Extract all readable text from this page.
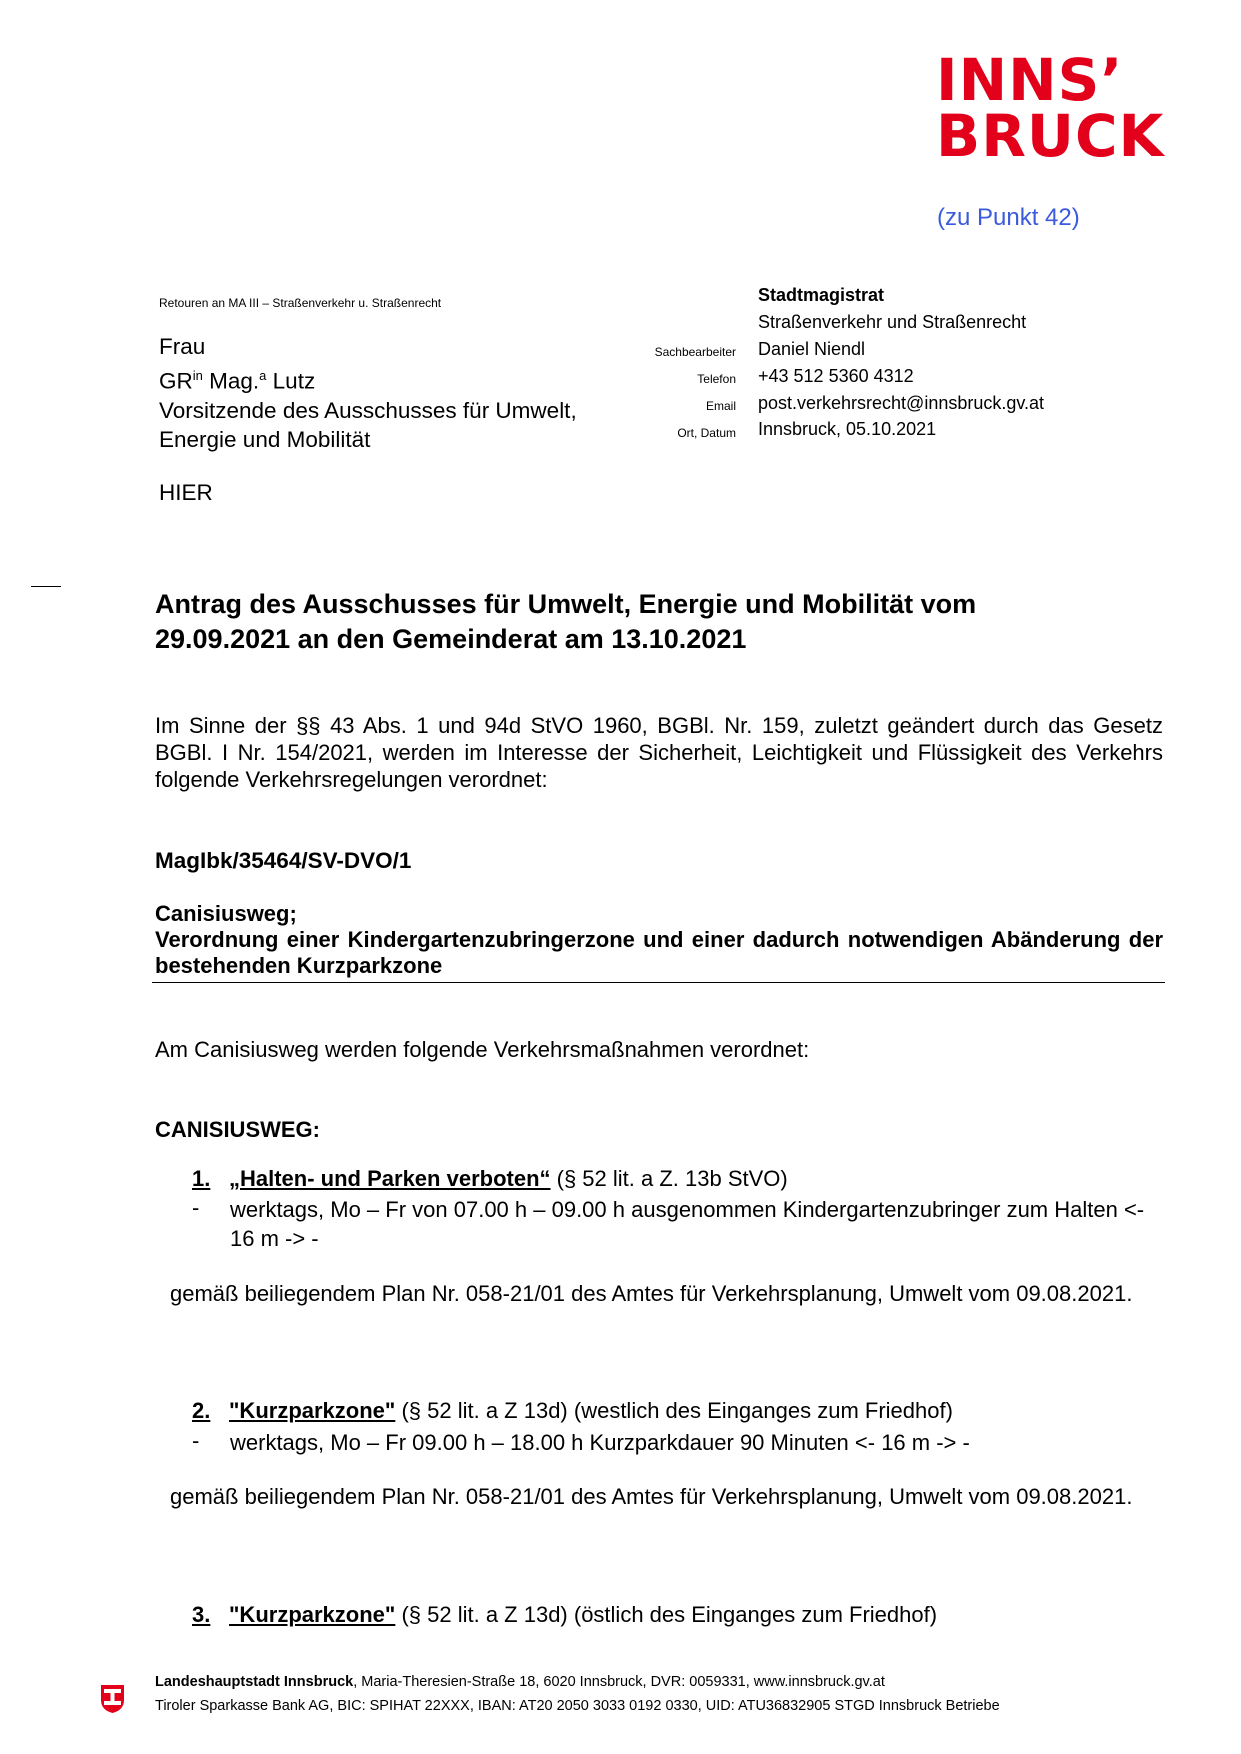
INNS’
BRUCK
(zu Punkt 42)
Retouren an MA III – Straßenverkehr u. Straßenrecht
Frau
$GR^{in}$ Mag.$^a$ Lutz
Vorsitzende des Ausschusses für Umwelt,
Energie und Mobilität
HIER
Stadtmagistrat
Straßenverkehr und Straßenrecht
Sachbearbeiter Daniel Niendl
Telefon +43 512 5360 4312
Email post.verkehrsrecht@innsbruck.gv.at
Ort, Datum Innsbruck, 05.10.2021
Antrag des Ausschusses für Umwelt, Energie und Mobilität vom
29.09.2021 an den Gemeinderat am 13.10.2021
Im Sinne der §§ 43 Abs. 1 und 94d StVO 1960, BGBl. Nr. 159, zuletzt geändert durch das Gesetz BGBl. I Nr. 154/2021, werden im Interesse der Sicherheit, Leichtigkeit und Flüssigkeit des Verkehrs folgende Verkehrsregelungen verordnet:
MagIbk/35464/SV-DVO/1
Canisiusweg;
Verordnung einer Kindergartenzubringerzone und einer dadurch notwendigen Abänderung der bestehenden Kurzparkzone
Am Canisiusweg werden folgende Verkehrsmaßnahmen verordnet:
CANISIUSWEG:
1. „Halten- und Parken verboten“ (§ 52 lit. a Z. 13b StVO)
- werktags, Mo – Fr von 07.00 h – 09.00 h ausgenommen Kindergartenzubringer zum Halten <- 16 m -> -
gemäß beiliegendem Plan Nr. 058-21/01 des Amtes für Verkehrsplanung, Umwelt vom 09.08.2021.
2. "Kurzparkzone" (§ 52 lit. a Z 13d) (westlich des Einganges zum Friedhof)
- werktags, Mo – Fr 09.00 h – 18.00 h Kurzparkdauer 90 Minuten <- 16 m -> -
gemäß beiliegendem Plan Nr. 058-21/01 des Amtes für Verkehrsplanung, Umwelt vom 09.08.2021.
3. "Kurzparkzone" (§ 52 lit. a Z 13d) (östlich des Einganges zum Friedhof)
Landeshauptstadt Innsbruck, Maria-Theresien-Straße 18, 6020 Innsbruck, DVR: 0059331, www.innsbruck.gv.at
Tiroler Sparkasse Bank AG, BIC: SPIHAT 22XXX, IBAN: AT20 2050 3033 0192 0330, UID: ATU36832905 STGD Innsbruck Betriebe
